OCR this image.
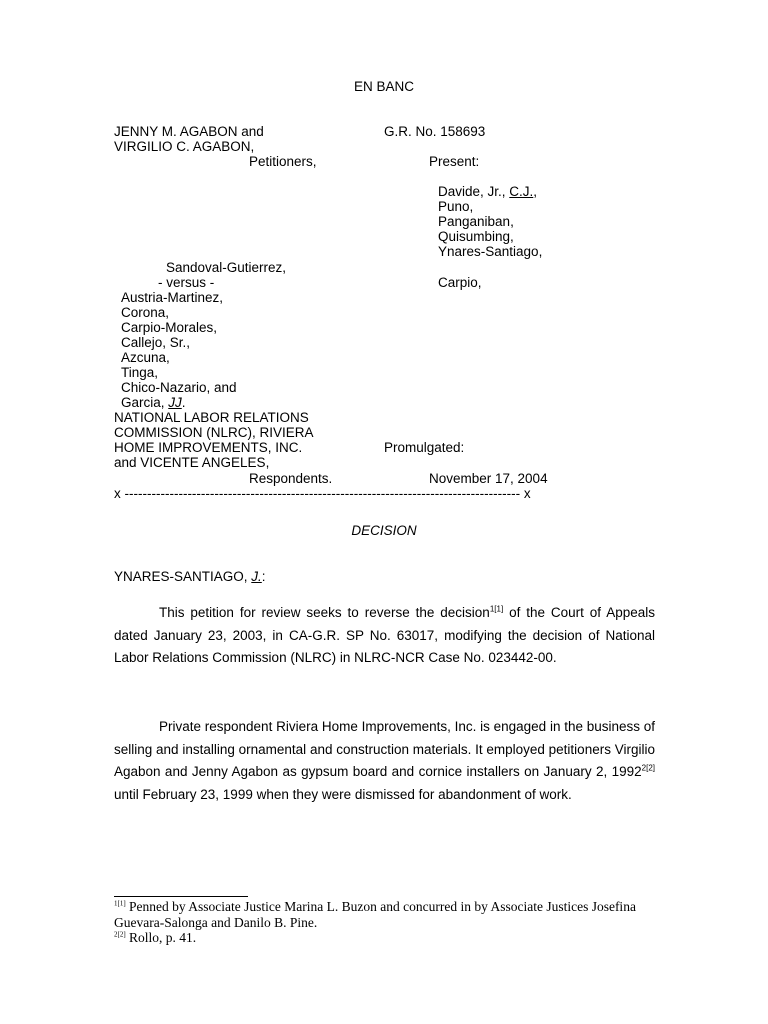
EN BANC
JENNY M. AGABON and
VIRGILIO C. AGABON,
Petitioners,
G.R. No. 158693
Present:
Davide, Jr., C.J.,
Puno,
Panganiban,
Quisumbing,
Ynares-Santiago,
Sandoval-Gutierrez,
- versus -	Carpio,
Austria-Martinez,
Corona,
Carpio-Morales,
Callejo, Sr.,
Azcuna,
Tinga,
Chico-Nazario, and
Garcia, JJ.
NATIONAL LABOR RELATIONS
COMMISSION (NLRC), RIVIERA
HOME IMPROVEMENTS, INC.
and VICENTE ANGELES,
Respondents.
Promulgated:
November 17, 2004
x ---------------------------------------------------------------------------------------- x
DECISION
YNARES-SANTIAGO, J.:
This petition for review seeks to reverse the decision$^{1[1]}$ of the Court of Appeals dated January 23, 2003, in CA-G.R. SP No. 63017, modifying the decision of National Labor Relations Commission (NLRC) in NLRC-NCR Case No. 023442-00.
Private respondent Riviera Home Improvements, Inc. is engaged in the business of selling and installing ornamental and construction materials. It employed petitioners Virgilio Agabon and Jenny Agabon as gypsum board and cornice installers on January 2, $1992^{2[2]}$ until February 23, 1999 when they were dismissed for abandonment of work.
$^{1[1]}$ Penned by Associate Justice Marina L. Buzon and concurred in by Associate Justices Josefina Guevara-Salonga and Danilo B. Pine.
$^{2[2]}$ Rollo, p. 41.
